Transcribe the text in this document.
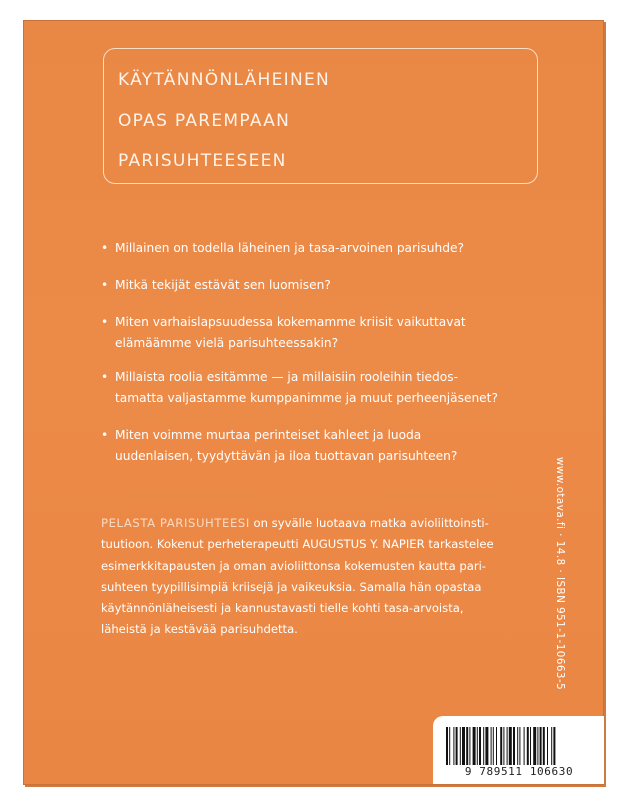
KÄYTÄNNÖNLÄHEINEN
OPAS PAREMPAAN
PARISUHTEESEEN
• Millainen on todella läheinen ja tasa-arvoinen parisuhde?
• Mitkä tekijät estävät sen luomisen?
• Miten varhaislapsuudessa kokemamme kriisit vaikuttavat
elämäämme vielä parisuhteessakin?
• Millaista roolia esitämme — ja millaisiin rooleihin tiedos-
tamatta valjastamme kumppanimme ja muut perheenjäsenet?
• Miten voimme murtaa perinteiset kahleet ja luoda
uudenlaisen, tyydyttävän ja iloa tuottavan parisuhteen?
PELASTA PARISUHTEESI on syvälle luotaava matka avioliittoinsti-
tuutioon. Kokenut perheterapeutti AUGUSTUS Y. NAPIER tarkastelee
esimerkkitapausten ja oman avioliittonsa kokemusten kautta pari-
suhteen tyypillisimpiä kriisejä ja vaikeuksia. Samalla hän opastaa
käytännönläheisesti ja kannustavasti tielle kohti tasa-arvoista,
läheistä ja kestävää parisuhdetta.	www.otava.fi · 14.8 · ISBN 951-1-10663-5
9 789511 106630
